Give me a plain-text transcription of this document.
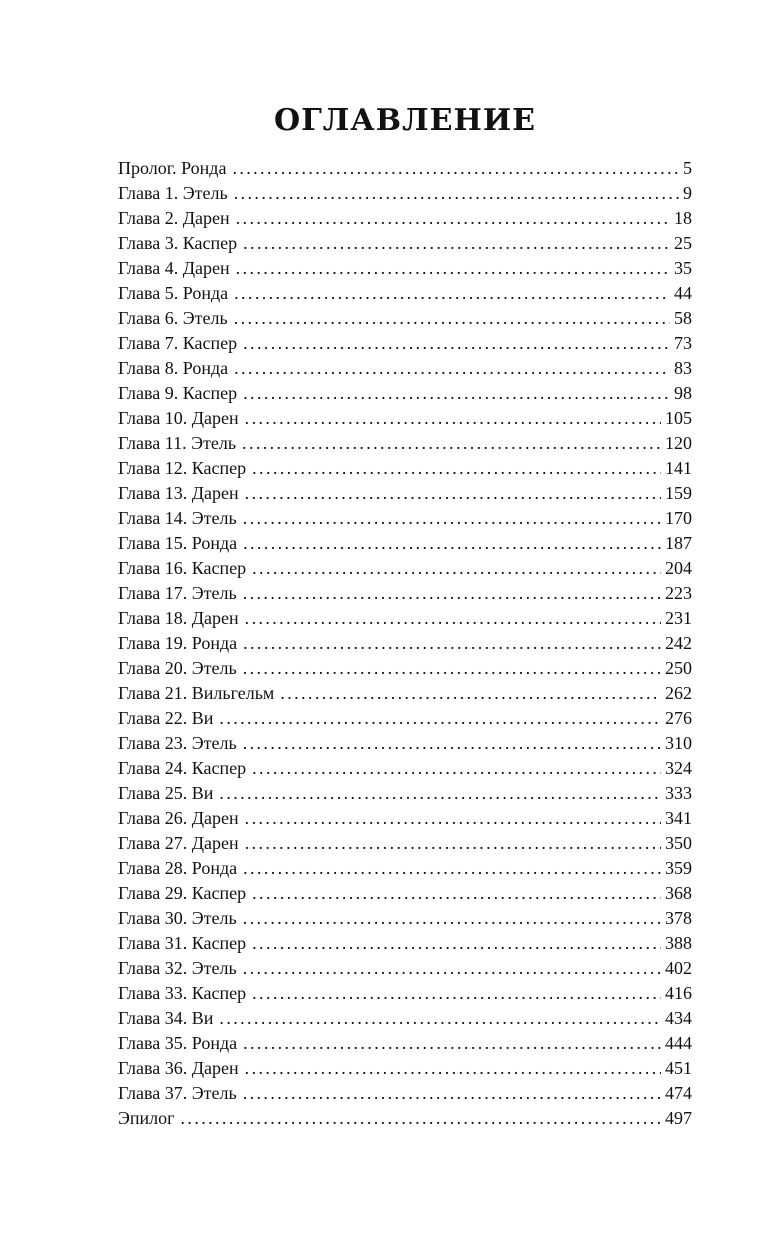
ОГЛАВЛЕНИЕ
Пролог. Ронда .....	5
Глава 1. Этель .....	9
Глава 2. Дарен .....	18
Глава 3. Каспер .....	25
Глава 4. Дарен .....	35
Глава 5. Ронда .....	44
Глава 6. Этель .....	58
Глава 7. Каспер .....	73
Глава 8. Ронда .....	83
Глава 9. Каспер .....	98
Глава 10. Дарен .....	105
Глава 11. Этель .....	120
Глава 12. Каспер .....	141
Глава 13. Дарен .....	159
Глава 14. Этель .....	170
Глава 15. Ронда .....	187
Глава 16. Каспер .....	204
Глава 17. Этель .....	223
Глава 18. Дарен .....	231
Глава 19. Ронда .....	242
Глава 20. Этель .....	250
Глава 21. Вильгельм .....	262
Глава 22. Ви .....	276
Глава 23. Этель .....	310
Глава 24. Каспер .....	324
Глава 25. Ви .....	333
Глава 26. Дарен .....	341
Глава 27. Дарен .....	350
Глава 28. Ронда .....	359
Глава 29. Каспер .....	368
Глава 30. Этель .....	378
Глава 31. Каспер .....	388
Глава 32. Этель .....	402
Глава 33. Каспер .....	416
Глава 34. Ви .....	434
Глава 35. Ронда .....	444
Глава 36. Дарен .....	451
Глава 37. Этель .....	474
Эпилог .....	497
